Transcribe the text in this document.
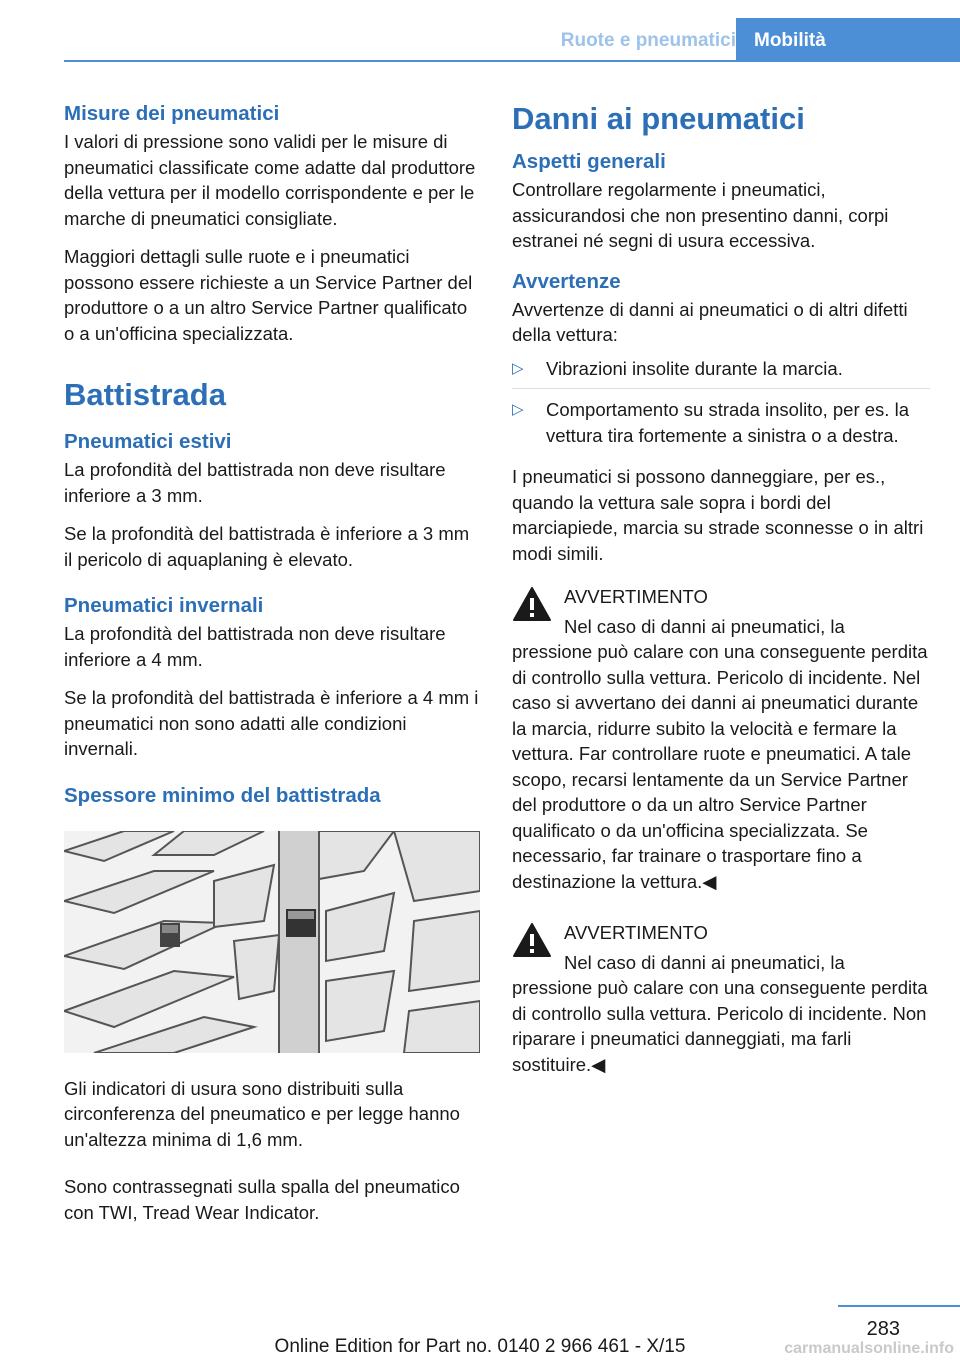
Ruote e pneumatici Mobilità
Misure dei pneumatici

I valori di pressione sono validi per le misure di pneumatici classificate come adatte dal produttore della vettura per il modello corrispondente e per le marche di pneumatici consigliate.

Maggiori dettagli sulle ruote e i pneumatici possono essere richieste a un Service Partner del produttore o a un altro Service Partner qualificato o a un'officina specializzata.

Battistrada
Pneumatici estivi

La profondità del battistrada non deve risultare inferiore a 3 mm.

Se la profondità del battistrada è inferiore a 3 mm il pericolo di aquaplaning è elevato.

Pneumatici invernali

La profondità del battistrada non deve risultare inferiore a 4 mm.

Se la profondità del battistrada è inferiore a 4 mm i pneumatici non sono adatti alle condizioni invernali.

Spessore minimo del battistrada

Gli indicatori di usura sono distribuiti sulla circonferenza del pneumatico e per legge hanno un'altezza minima di 1,6 mm.

Sono contrassegnati sulla spalla del pneumatico con TWI, Tread Wear Indicator.

Danni ai pneumatici
Aspetti generali

Controllare regolarmente i pneumatici, assicurandosi che non presentino danni, corpi estranei né segni di usura eccessiva.

Avvertenze

Avvertenze di danni ai pneumatici o di altri difetti della vettura:

▷ Vibrazioni insolite durante la marcia.
▷ Comportamento su strada insolito, per es. la vettura tira fortemente a sinistra o a destra.

I pneumatici si possono danneggiare, per es., quando la vettura sale sopra i bordi del marciapiede, marcia su strade sconnesse o in altri modi simili.

AVVERTIMENTO

Nel caso di danni ai pneumatici, la pressione può calare con una conseguente perdita di controllo sulla vettura. Pericolo di incidente. Nel caso si avvertano dei danni ai pneumatici durante la marcia, ridurre subito la velocità e fermare la vettura. Far controllare ruote e pneumatici. A tale scopo, recarsi lentamente da un Service Partner del produttore o da un altro Service Partner qualificato o da un'officina specializzata. Se necessario, far trainare o trasportare fino a destinazione la vettura.◀

AVVERTIMENTO

Nel caso di danni ai pneumatici, la pressione può calare con una conseguente perdita di controllo sulla vettura. Pericolo di incidente. Non riparare i pneumatici danneggiati, ma farli sostituire.◀

283
Online Edition for Part no. 0140 2 966 461 - X/15	carmanualsonline.info
